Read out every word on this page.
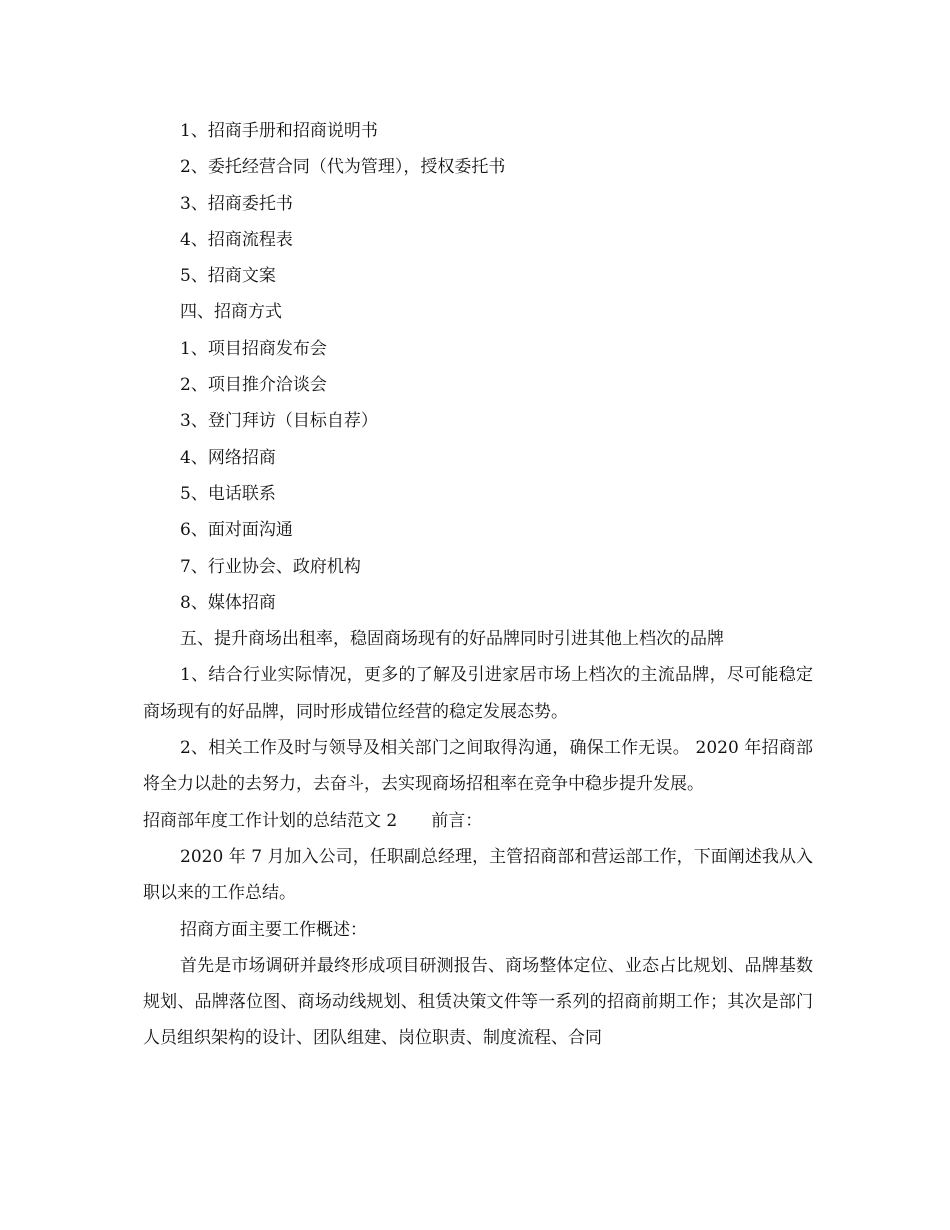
1、招商手册和招商说明书
2、委托经营合同（代为管理），授权委托书
3、招商委托书
4、招商流程表
5、招商文案
四、招商方式
1、项目招商发布会
2、项目推介洽谈会
3、登门拜访（目标自荐）
4、网络招商
5、电话联系
6、面对面沟通
7、行业协会、政府机构
8、媒体招商
五、提升商场出租率，稳固商场现有的好品牌同时引进其他上档次的品牌
1、结合行业实际情况，更多的了解及引进家居市场上档次的主流品牌，尽可能稳定商场现有的好品牌，同时形成错位经营的稳定发展态势。
2、相关工作及时与领导及相关部门之间取得沟通，确保工作无误。 2020 年招商部将全力以赴的去努力，去奋斗，去实现商场招租率在竞争中稳步提升发展。
招商部年度工作计划的总结范文 2 前言：
2020 年 7 月加入公司，任职副总经理，主管招商部和营运部工作，下面阐述我从入职以来的工作总结。
招商方面主要工作概述：
首先是市场调研并最终形成项目研测报告、商场整体定位、业态占比规划、品牌基数规划、品牌落位图、商场动线规划、租赁决策文件等一系列的招商前期工作；其次是部门人员组织架构的设计、团队组建、岗位职责、制度流程、合同
